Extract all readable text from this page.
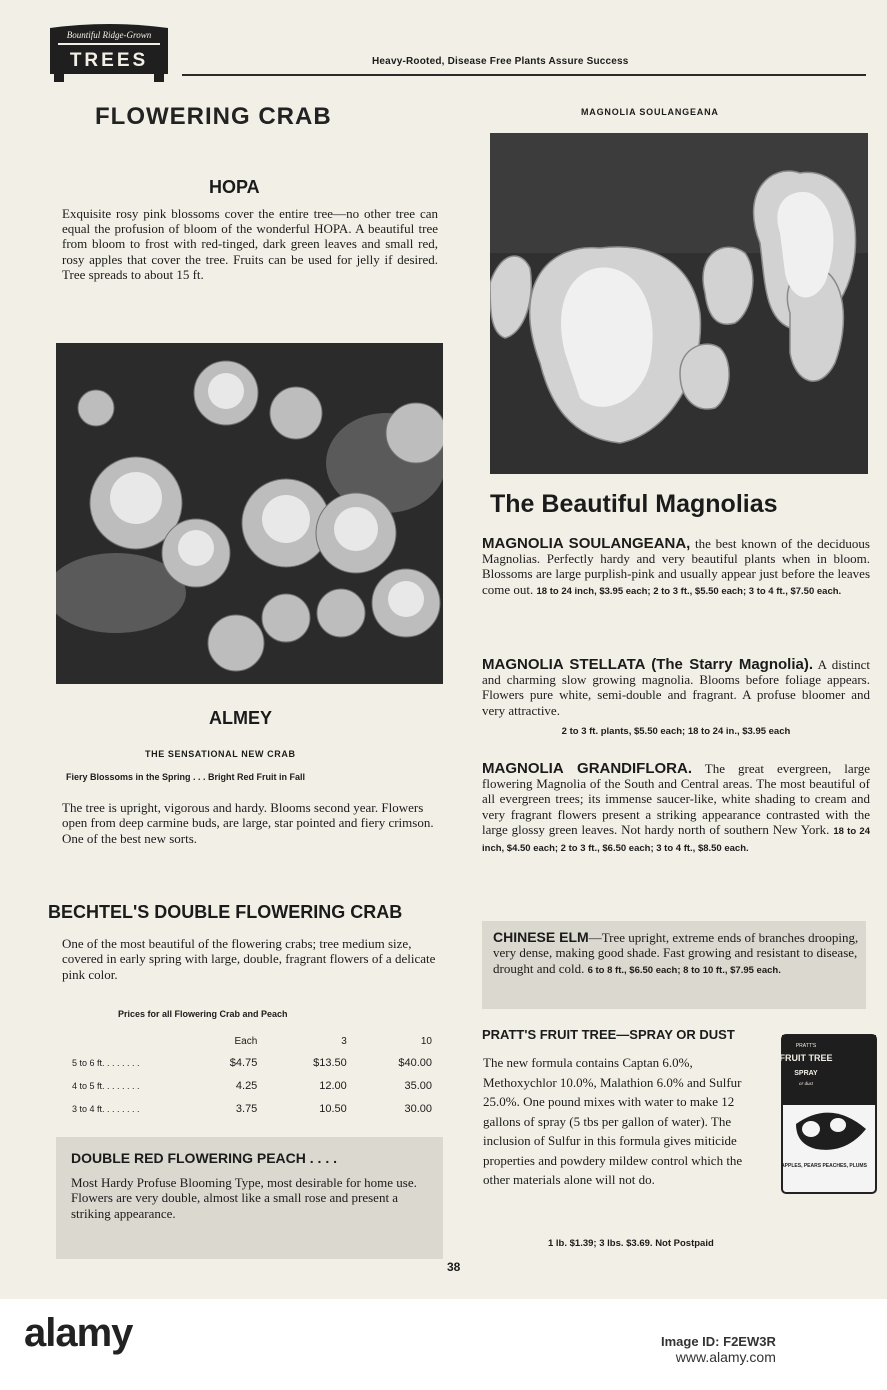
Bountiful Ridge-Grown
TREES	Heavy-Rooted, Disease Free Plants Assure Success
FLOWERING CRAB
HOPA

Exquisite rosy pink blossoms cover the entire tree—no other tree can equal the profusion of bloom of the wonderful HOPA. A beautiful tree from bloom to frost with red-tinged, dark green leaves and small red, rosy apples that cover the tree. Fruits can be used for jelly if desired. Tree spreads to about 15 ft.

ALMEY
THE SENSATIONAL NEW CRAB
Fiery Blossoms in the Spring . . . Bright Red Fruit in Fall

The tree is upright, vigorous and hardy. Blooms second year. Flowers open from deep carmine buds, are large, star pointed and fiery crimson. One of the best new sorts.

BECHTEL'S DOUBLE FLOWERING CRAB

One of the most beautiful of the flowering crabs; tree medium size, covered in early spring with large, double, fragrant flowers of a delicate pink color.

Prices for all Flowering Crab and Peach
	Each	3	10
5 to 6 ft. . . . . . . .	$4.75	$13.50	$40.00
4 to 5 ft. . . . . . . .	4.25	12.00	35.00
3 to 4 ft. . . . . . . .	3.75	10.50	30.00
DOUBLE RED FLOWERING PEACH . . . .

Most Hardy Profuse Blooming Type, most desirable for home use. Flowers are very double, almost like a small rose and present a striking appearance.

38
MAGNOLIA SOULANGEANA
The Beautiful Magnolias

MAGNOLIA SOULANGEANA, the best known of the deciduous Magnolias. Perfectly hardy and very beautiful plants when in bloom. Blossoms are large purplish-pink and usually appear just before the leaves come out. 18 to 24 inch, $3.95 each; 2 to 3 ft., $5.50 each; 3 to 4 ft., $7.50 each.

MAGNOLIA STELLATA (The Starry Magnolia). A distinct and charming slow growing magnolia. Blooms before foliage appears. Flowers pure white, semi-double and fragrant. A profuse bloomer and very attractive.

2 to 3 ft. plants, $5.50 each; 18 to 24 in., $3.95 each

MAGNOLIA GRANDIFLORA. The great evergreen, large flowering Magnolia of the South and Central areas. The most beautiful of all evergreen trees; its immense saucer-like, white shading to cream and very fragrant flowers present a striking appearance contrasted with the large glossy green leaves. Not hardy north of southern New York. 18 to 24 inch, $4.50 each; 2 to 3 ft., $6.50 each; 3 to 4 ft., $8.50 each.

CHINESE ELM—Tree upright, extreme ends of branches drooping, very dense, making good shade. Fast growing and resistant to disease, drought and cold. 6 to 8 ft., $6.50 each; 8 to 10 ft., $7.95 each.

PRATT'S FRUIT TREE—SPRAY OR DUST

The new formula contains Captan 6.0%, Methoxychlor 10.0%, Malathion 6.0% and Sulfur 25.0%. One pound mixes with water to make 12 gallons of spray (5 tbs per gallon of water). The inclusion of Sulfur in this formula gives miticide properties and powdery mildew control which the other materials alone will not do.

PRATT'S
FRUIT TREE
SPRAY
or dust
APPLES, PEARS PEACHES, PLUMS
1 lb. $1.39; 3 lbs. $3.69. Not Postpaid
alamy	Image ID: F2EW3R
www.alamy.com
